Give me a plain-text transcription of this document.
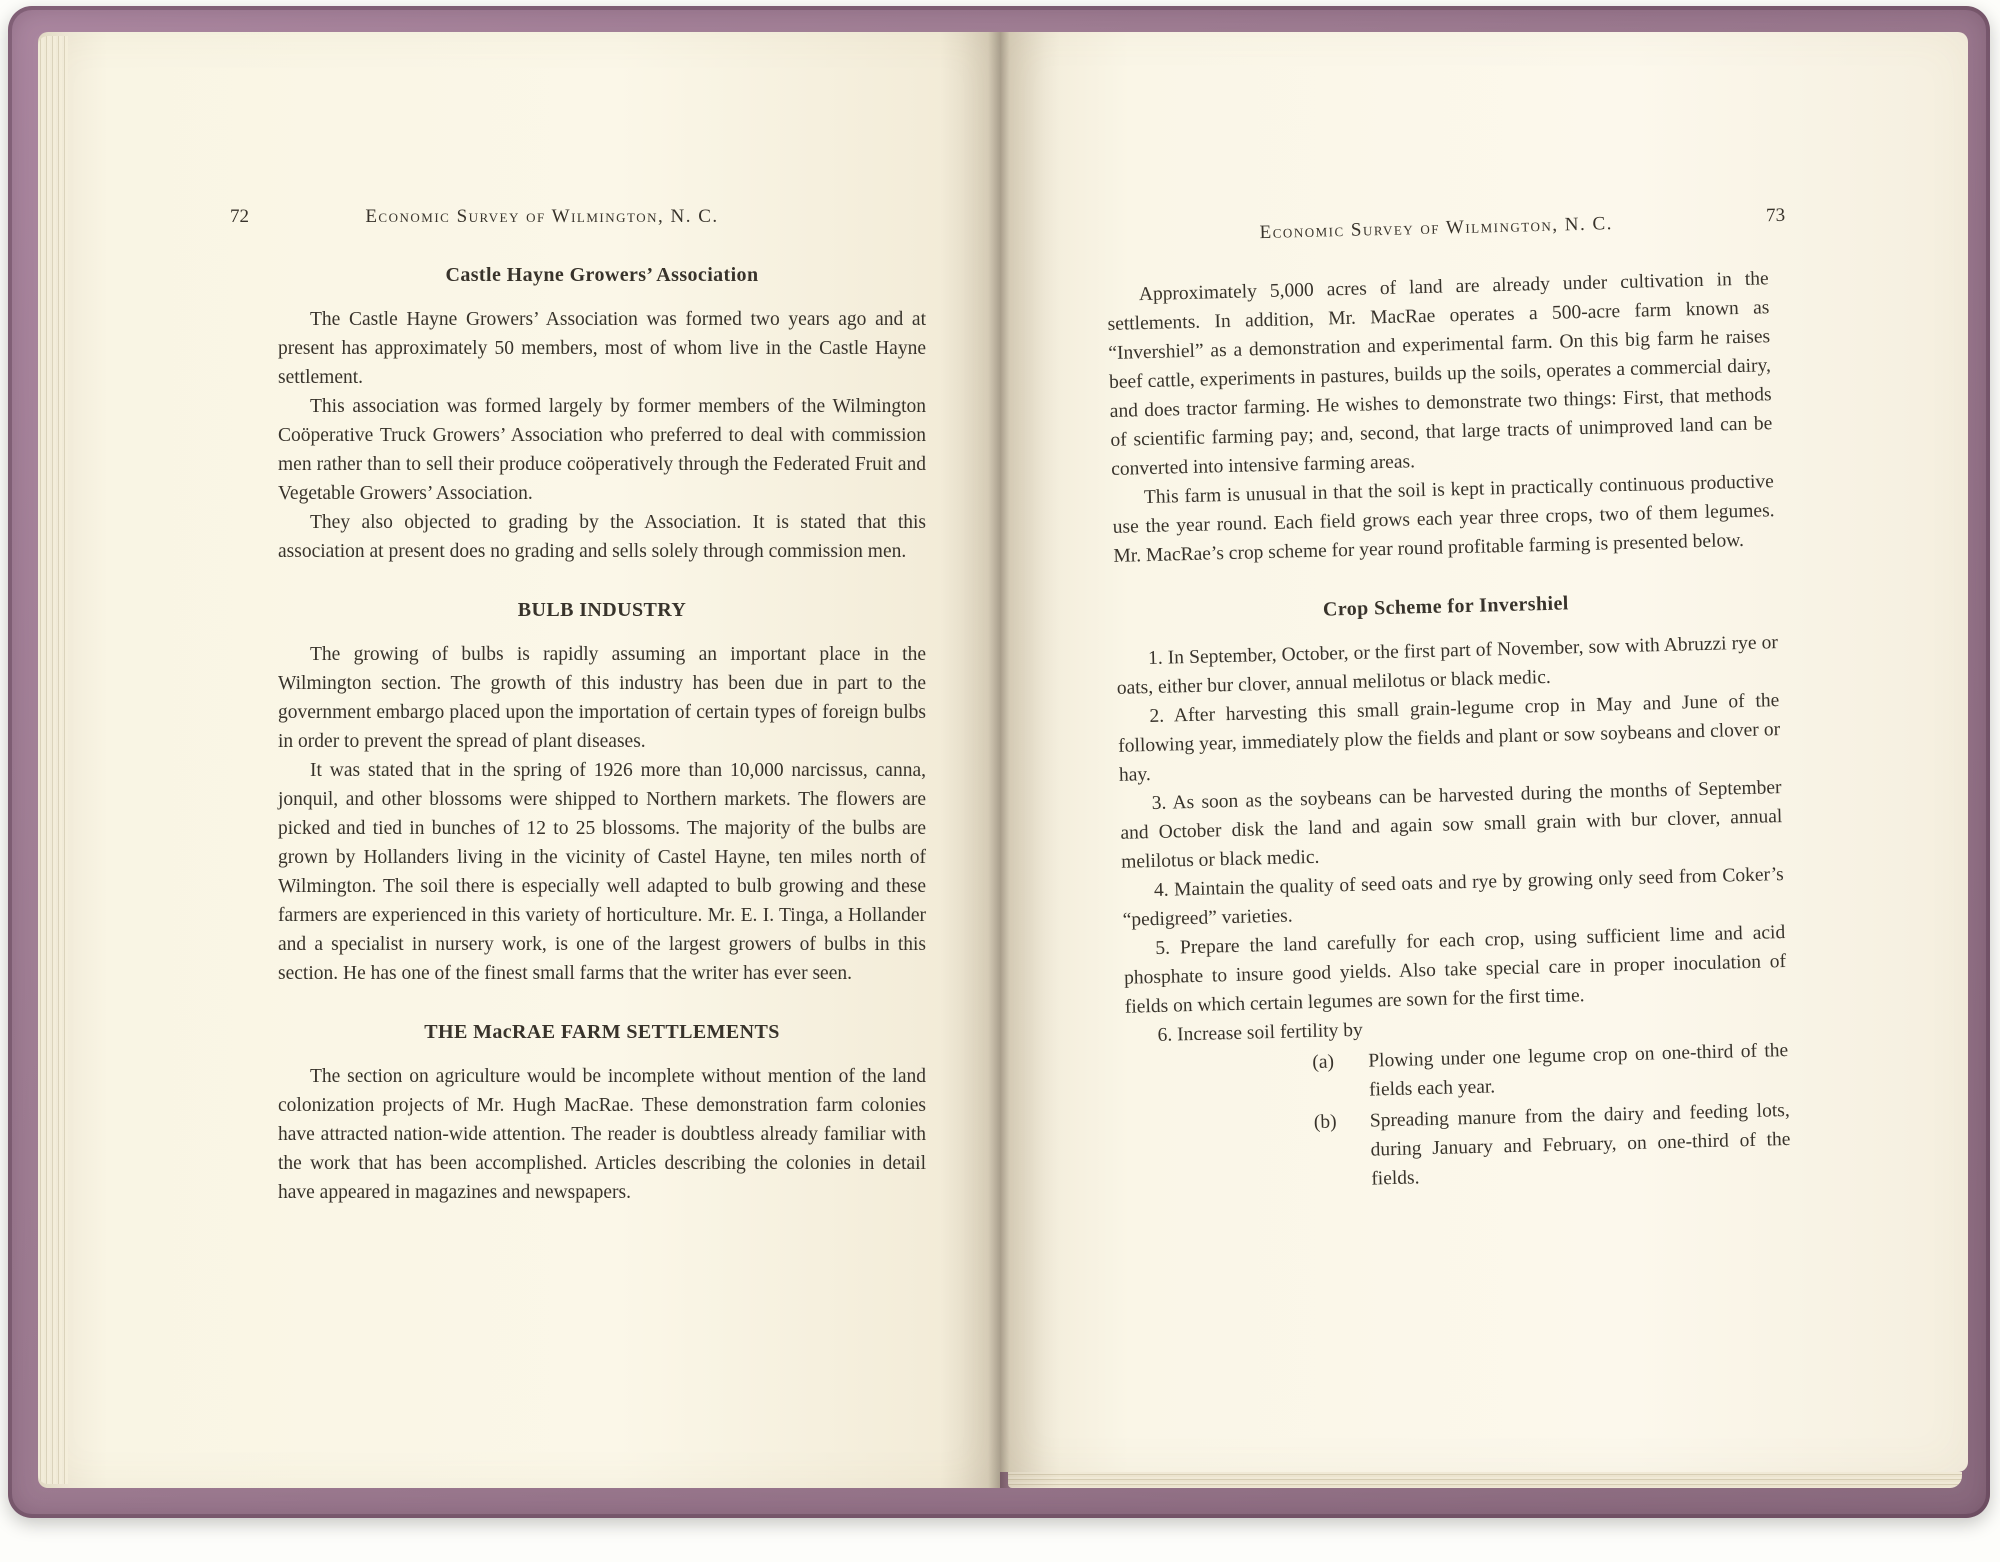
72	Economic Survey of Wilmington, N. C.
Castle Hayne Growers’ Association

The Castle Hayne Growers’ Association was formed two years ago and at present has approximately 50 members, most of whom live in the Castle Hayne settlement.

This association was formed largely by former members of the Wilmington Coöperative Truck Growers’ Association who preferred to deal with commission men rather than to sell their produce coöperatively through the Federated Fruit and Vegetable Growers’ Association.

They also objected to grading by the Association. It is stated that this association at present does no grading and sells solely through commission men.

BULB INDUSTRY

The growing of bulbs is rapidly assuming an important place in the Wilmington section. The growth of this industry has been due in part to the government embargo placed upon the importation of certain types of foreign bulbs in order to prevent the spread of plant diseases.

It was stated that in the spring of 1926 more than 10,000 narcissus, canna, jonquil, and other blossoms were shipped to Northern markets. The flowers are picked and tied in bunches of 12 to 25 blossoms. The majority of the bulbs are grown by Hollanders living in the vicinity of Castel Hayne, ten miles north of Wilmington. The soil there is especially well adapted to bulb growing and these farmers are experienced in this variety of horticulture. Mr. E. I. Tinga, a Hollander and a specialist in nursery work, is one of the largest growers of bulbs in this section. He has one of the finest small farms that the writer has ever seen.

THE MacRAE FARM SETTLEMENTS

The section on agriculture would be incomplete without mention of the land colonization projects of Mr. Hugh MacRae. These demonstration farm colonies have attracted nation-wide attention. The reader is doubtless already familiar with the work that has been accomplished. Articles describing the colonies in detail have appeared in magazines and newspapers.

Economic Survey of Wilmington, N. C.	73

Approximately 5,000 acres of land are already under cultivation in the settlements. In addition, Mr. MacRae operates a 500-acre farm known as “Invershiel” as a demonstration and experimental farm. On this big farm he raises beef cattle, experiments in pastures, builds up the soils, operates a commercial dairy, and does tractor farming. He wishes to demonstrate two things: First, that methods of scientific farming pay; and, second, that large tracts of unimproved land can be converted into intensive farming areas.

This farm is unusual in that the soil is kept in practically continuous productive use the year round. Each field grows each year three crops, two of them legumes. Mr. MacRae’s crop scheme for year round profitable farming is presented below.

Crop Scheme for Invershiel

1. In September, October, or the first part of November, sow with Abruzzi rye or oats, either bur clover, annual melilotus or black medic.

2. After harvesting this small grain-legume crop in May and June of the following year, immediately plow the fields and plant or sow soybeans and clover or hay.

3. As soon as the soybeans can be harvested during the months of September and October disk the land and again sow small grain with bur clover, annual melilotus or black medic.

4. Maintain the quality of seed oats and rye by growing only seed from Coker’s “pedigreed” varieties.

5. Prepare the land carefully for each crop, using sufficient lime and acid phosphate to insure good yields. Also take special care in proper inoculation of fields on which certain legumes are sown for the first time.

6. Increase soil fertility by

(a) Plowing under one legume crop on one-third of the fields each year.
(b) Spreading manure from the dairy and feeding lots, during January and February, on one-third of the fields.
